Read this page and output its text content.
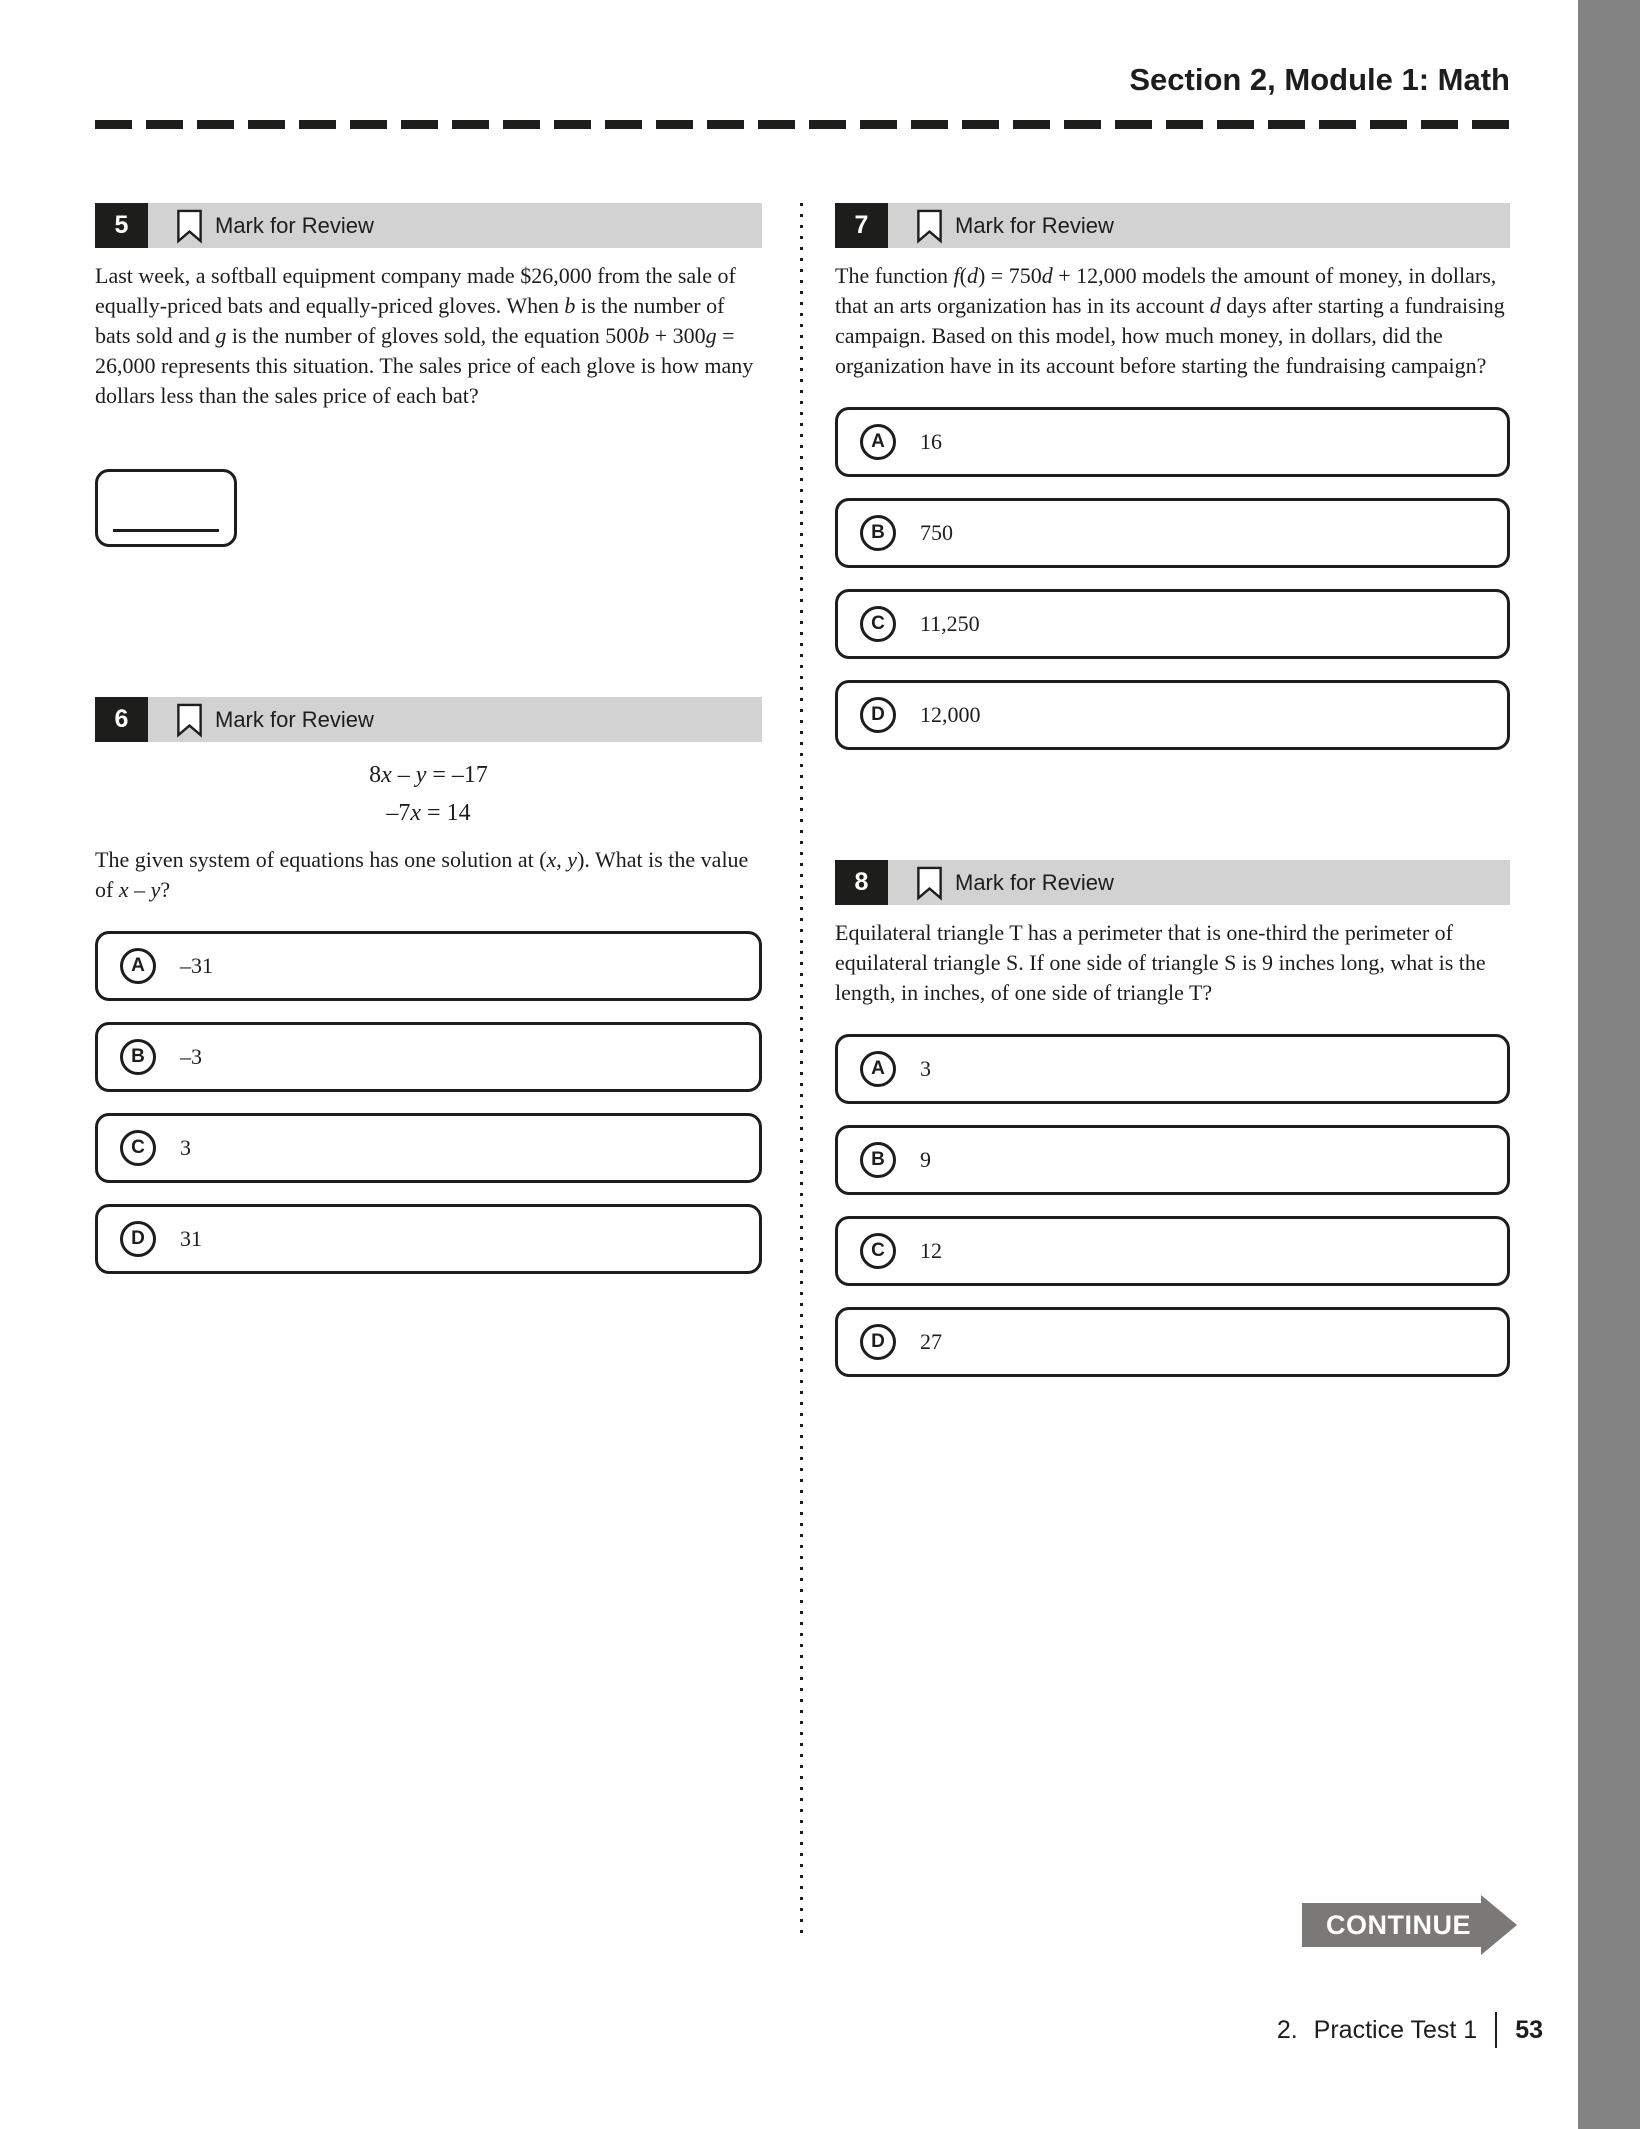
Section 2, Module 1: Math
5	Mark for Review

Last week, a softball equipment company made $26,000 from the sale of equally-priced bats and equally-priced gloves. When b is the number of bats sold and g is the number of gloves sold, the equation 500b + 300g = 26,000 represents this situation. The sales price of each glove is how many dollars less than the sales price of each bat?

6	Mark for Review
8x – y = –17
–7x = 14

The given system of equations has one solution at (x, y). What is the value of x – y?

A	–31
B	–3
C	3
D	31
7	Mark for Review

The function f(d) = 750d + 12,000 models the amount of money, in dollars, that an arts organization has in its account d days after starting a fundraising campaign. Based on this model, how much money, in dollars, did the organization have in its account before starting the fundraising campaign?

A	16
B	750
C	11,250
D	12,000
8	Mark for Review

Equilateral triangle T has a perimeter that is one-third the perimeter of equilateral triangle S. If one side of triangle S is 9 inches long, what is the length, in inches, of one side of triangle T?

A	3
B	9
C	12
D	27
CONTINUE
2. Practice Test 1 53
